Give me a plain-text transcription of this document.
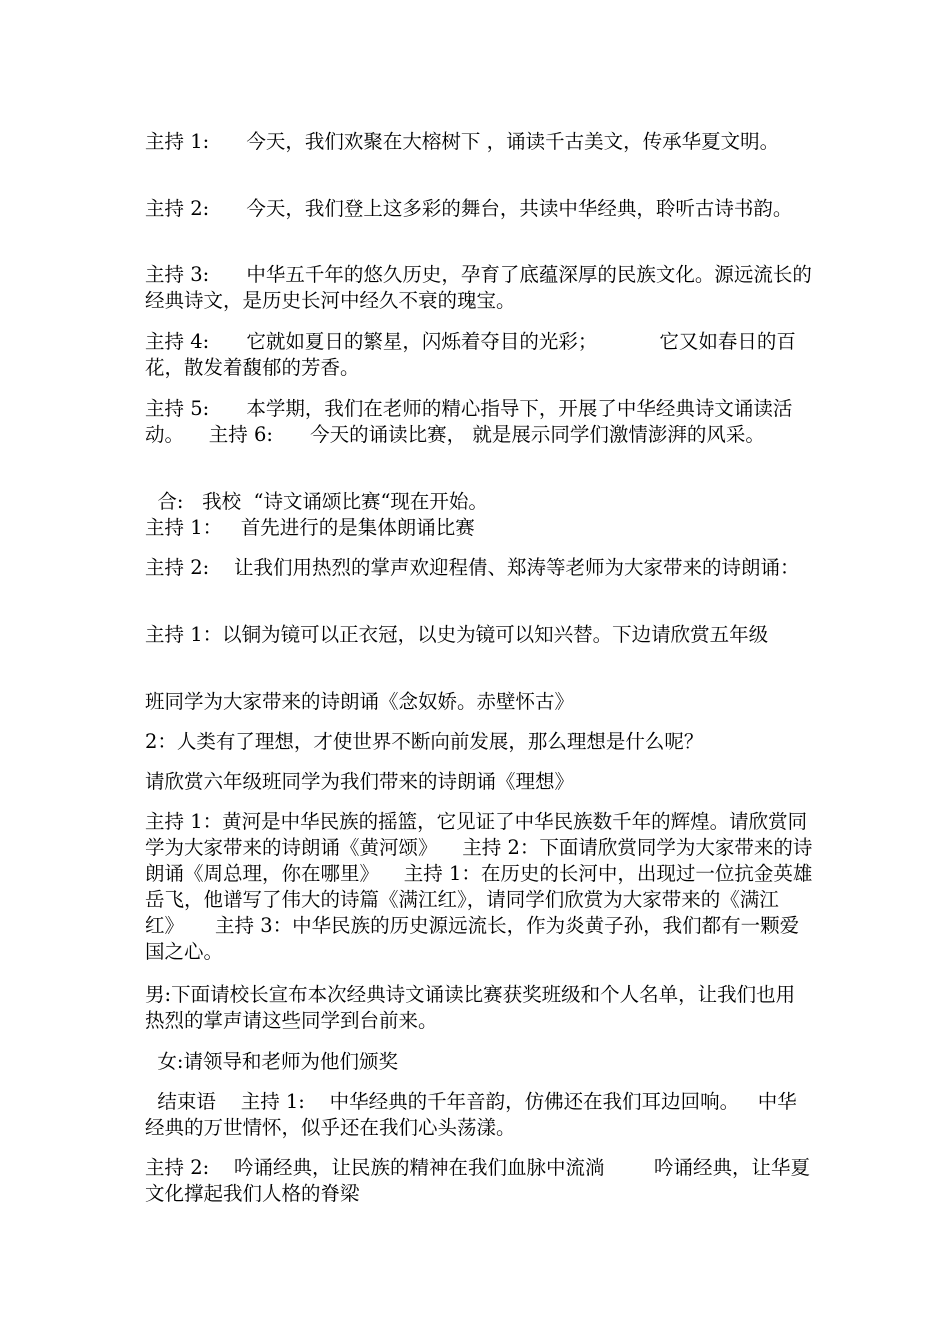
主持 1:      今天，我们欢聚在大榕树下 ，诵读千古美文，传承华夏文明。

主持 2:      今天，我们登上这多彩的舞台，共读中华经典，聆听古诗书韵。

主持 3:      中华五千年的悠久历史，孕育了底蕴深厚的民族文化。源远流长的经典诗文，是历史长河中经久不衰的瑰宝。

主持 4:      它就如夏日的繁星，闪烁着夺目的光彩；          它又如春日的百花，散发着馥郁的芳香。

主持 5:      本学期，我们在老师的精心指导下，开展了中华经典诗文诵读活动。    主持 6:      今天的诵读比赛， 就是展示同学们激情澎湃的风采。

合:   我校  “诗文诵颂比赛“现在开始。

主持 1：   首先进行的是集体朗诵比赛

主持 2:    让我们用热烈的掌声欢迎程倩、郑涛等老师为大家带来的诗朗诵：

主持 1：以铜为镜可以正衣冠，以史为镜可以知兴替。下边请欣赏五年级

班同学为大家带来的诗朗诵《念奴娇。赤壁怀古》

2：人类有了理想，才使世界不断向前发展，那么理想是什么呢？

请欣赏六年级班同学为我们带来的诗朗诵《理想》

主持 1：黄河是中华民族的摇篮，它见证了中华民族数千年的辉煌。请欣赏同学为大家带来的诗朗诵《黄河颂》    主持 2：下面请欣赏同学为大家带来的诗朗诵《周总理，你在哪里》    主持 1：在历史的长河中，出现过一位抗金英雄岳飞，他谱写了伟大的诗篇《满江红》，请同学们欣赏为大家带来的《满江红》     主持 3：中华民族的历史源远流长，作为炎黄子孙，我们都有一颗爱国之心。

男:下面请校长宣布本次经典诗文诵读比赛获奖班级和个人名单，让我们也用热烈的掌声请这些同学到台前来。

女:请领导和老师为他们颁奖

结束语    主持 1:    中华经典的千年音韵，仿佛还在我们耳边回响。   中华经典的万世情怀，似乎还在我们心头荡漾。

主持 2:    吟诵经典，让民族的精神在我们血脉中流淌        吟诵经典，让华夏文化撑起我们人格的脊梁
